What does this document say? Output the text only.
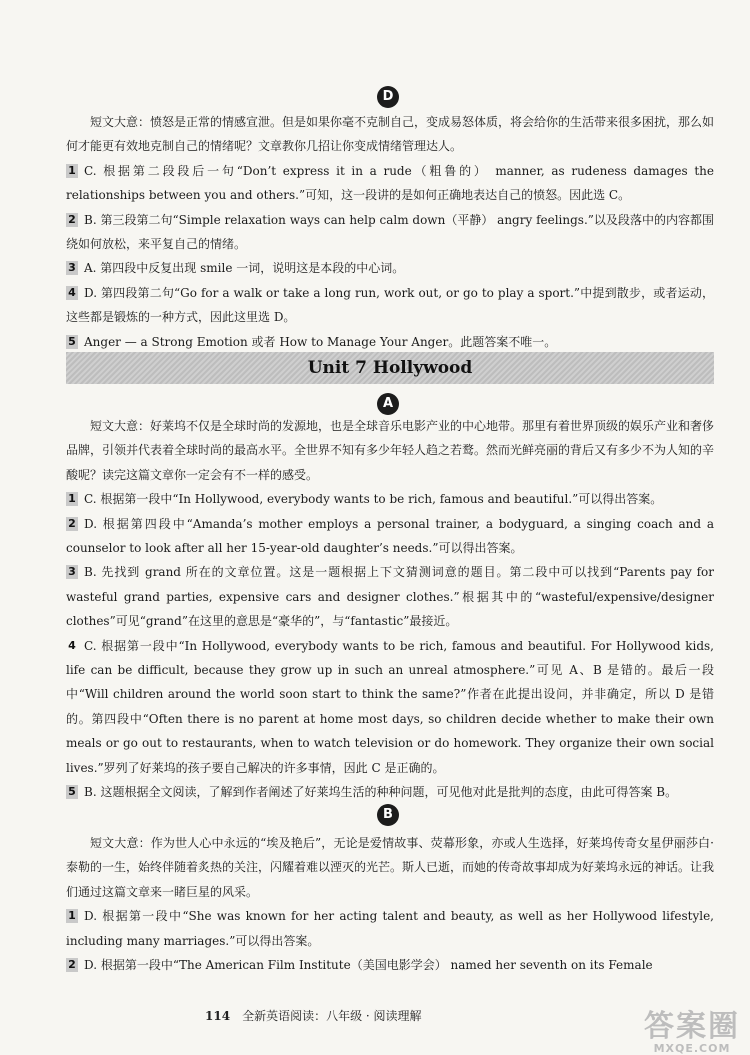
D

短文大意：愤怒是正常的情感宣泄。但是如果你毫不克制自己，变成易怒体质，将会给你的生活带来很多困扰，那么如何才能更有效地克制自己的情绪呢？文章教你几招让你变成情绪管理达人。

1 C. 根据第二段段后一句“Don’t express it in a rude（粗鲁的） manner, as rudeness damages the relationships between you and others.”可知，这一段讲的是如何正确地表达自己的愤怒。因此选 C。

2 B. 第三段第二句“Simple relaxation ways can help calm down（平静） angry feelings.”以及段落中的内容都围绕如何放松，来平复自己的情绪。

3 A. 第四段中反复出现 smile 一词，说明这是本段的中心词。

4 D. 第四段第二句“Go for a walk or take a long run, work out, or go to play a sport.”中提到散步，或者运动，这些都是锻炼的一种方式，因此这里选 D。

5 Anger — a Strong Emotion 或者 How to Manage Your Anger。此题答案不唯一。

Unit 7 Hollywood
A

短文大意：好莱坞不仅是全球时尚的发源地，也是全球音乐电影产业的中心地带。那里有着世界顶级的娱乐产业和奢侈品牌，引领并代表着全球时尚的最高水平。全世界不知有多少年轻人趋之若鹜。然而光鲜亮丽的背后又有多少不为人知的辛酸呢？读完这篇文章你一定会有不一样的感受。

1 C. 根据第一段中“In Hollywood, everybody wants to be rich, famous and beautiful.”可以得出答案。

2 D. 根据第四段中“Amanda’s mother employs a personal trainer, a bodyguard, a singing coach and a counselor to look after all her 15-year-old daughter’s needs.”可以得出答案。

3 B. 先找到 grand 所在的文章位置。这是一题根据上下文猜测词意的题目。第二段中可以找到“Parents pay for wasteful grand parties, expensive cars and designer clothes.”根据其中的“wasteful/expensive/designer clothes”可见“grand”在这里的意思是“豪华的”，与“fantastic”最接近。

4 C. 根据第一段中“In Hollywood, everybody wants to be rich, famous and beautiful. For Hollywood kids, life can be difficult, because they grow up in such an unreal atmosphere.”可见 A、B 是错的。最后一段中“Will children around the world soon start to think the same?”作者在此提出设问，并非确定，所以 D 是错的。第四段中“Often there is no parent at home most days, so children decide whether to make their own meals or go out to restaurants, when to watch television or do homework. They organize their own social lives.”罗列了好莱坞的孩子要自己解决的许多事情，因此 C 是正确的。

5 B. 这题根据全文阅读，了解到作者阐述了好莱坞生活的种种问题，可见他对此是批判的态度，由此可得答案 B。

B

短文大意：作为世人心中永远的“埃及艳后”，无论是爱情故事、荧幕形象，亦或人生选择，好莱坞传奇女星伊丽莎白·泰勒的一生，始终伴随着炙热的关注，闪耀着难以湮灭的光芒。斯人已逝，而她的传奇故事却成为好莱坞永远的神话。让我们通过这篇文章来一睹巨星的风采。

1 D. 根据第一段中“She was known for her acting talent and beauty, as well as her Hollywood lifestyle, including many marriages.”可以得出答案。

2 D. 根据第一段中“The American Film Institute（美国电影学会） named her seventh on its Female

114 全新英语阅读：八年级 · 阅读理解	答案圈
MXQE.COM
